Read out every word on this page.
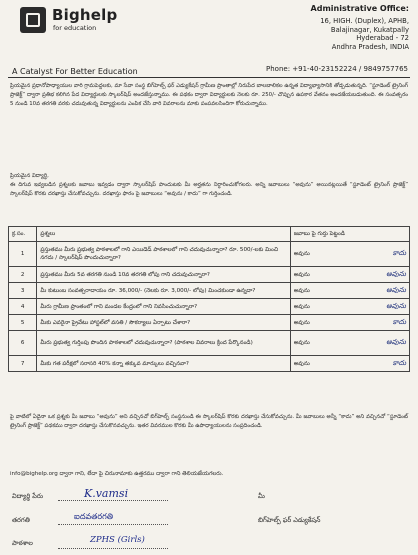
Bighelp
for education
A Catalyst For Better Education
Administrative Office:
16, HIGH. (Duplex), APHB,
Balajinagar, Kukatpally
Hyderabad - 72
Andhra Pradesh, INDIA
Phone: +91-40-23152224 / 9849757765
ప్రియమైన ప్రధానోపాధ్యాయుల వారి గ్రామపెద్దలకు, మా సేవా సంస్థ బిగ్‌హెల్ప్ ఫర్ ఎడ్యుకేషన్ గ్రామీణ ప్రాంతాల్లో నిరుపేద బాలబాలికల ఉన్నత విద్యాభ్యాసానికి తోడ్పడుతున్నది. “స్టూడెంట్ ట్రైనింగ్ ప్రాజెక్ట్” ద్వారా ప్రతిభ కలిగిన పేద విద్యార్థులకు స్కాలర్‌షిప్ అందజేస్తున్నాము. ఈ పథకం ద్వారా విద్యార్థులకు నెలకు రూ. 250/- చొప్పున ఉపకార వేతనం అందజేయబడుతుంది. ఈ సంవత్సరం 5 నుండి 10వ తరగతి వరకు చదువుతున్న విద్యార్థులను ఎంపిక చేసి వారి వివరాలను మాకు పంపవలసిందిగా కోరుచున్నాము.
ప్రియమైన విద్యార్థి,
ఈ దిగువ ఇవ్వబడిన ప్రశ్నలకు జవాబు ఇవ్వడం ద్వారా స్కాలర్‌షిప్ పొందుటకు మీ అర్హతను నిర్ధారించుకోగలరు. అన్ని జవాబులు “అవును” అయినట్లయితే “స్టూడెంట్ ట్రైనింగ్ ప్రాజెక్ట్” స్కాలర్‌షిప్ కొరకు దరఖాస్తు చేసుకోవచ్చును. దరఖాస్తు ఫారం పై జవాబులు “అవును / కాదు” గా గుర్తించండి.
క్ర.సం.	ప్రశ్నలు	జవాబు పై గుర్తు పెట్టండి
1	ప్రస్తుతము మీరు ప్రభుత్వ పాఠశాలలో గాని ఎయిడెడ్ పాఠశాలలో గాని చదువుచున్నారా? రూ. 500/-లకు మించి నగదు / స్కాలర్‌షిప్ పొందుచున్నారా?	అవును కాదు

2	ప్రస్తుతము మీరు 5వ తరగతి నుండి 10వ తరగతి లోపు గాని చదువుచున్నారా?	అవును అవును

3	మీ కుటుంబ సంవత్సరాదాయం రూ. 36,000/- (నెలకు రూ. 3,000/- లోపు) మించకుండా ఉన్నదా?	అవును అవును

4	మీరు గ్రామీణ ప్రాంతంలో గాని మండల కేంద్రంలో గాని నివసించుచున్నారా?	అవును అవును

5	మీకు ఎవరైనా ప్రైవేటు హాస్టల్‌లో వసతి / సౌకర్యాలు ఏర్పాటు చేశారా?	అవును కాదు

6	మీరు ప్రభుత్వ గుర్తింపు పొందిన పాఠశాలలో చదువుచున్నారా? (పాఠశాల వివరాలు క్రింద పేర్కొనండి)	అవును అవును

7	మీకు గత పరీక్షలో సరాసరి 40% కన్నా తక్కువ మార్కులు వచ్చినవా?	అవును కాదు
పై వాటిలో ఏదైనా ఒక ప్రశ్నకు మీ జవాబు “అవును” అని వచ్చినచో బిగ్‌హెల్ప్ సంస్థనుండి ఈ స్కాలర్‌షిప్ కొరకు దరఖాస్తు చేసుకోవచ్చును. మీ జవాబులు అన్నీ “కాదు” అని వచ్చినచో “స్టూడెంట్ ట్రైనింగ్ ప్రాజెక్ట్” పథకము ద్వారా దరఖాస్తు చేసుకొనవచ్చును. ఇతర వివరముల కొరకు మీ ఉపాధ్యాయులను సంప్రదించండి.
info@bighelp.org ద్వారా గాని, లేదా పై చిరునామాకు ఉత్తరము ద్వారా గాని తెలియజేయగలరు.
విద్యార్థి పేరు	K.vamsi
తరగతి	ఐదవతరగతి
పాఠశాల	ZPHS (Girls)
మీ
బిగ్‌హెల్ప్ ఫర్ ఎడ్యుకేషన్
